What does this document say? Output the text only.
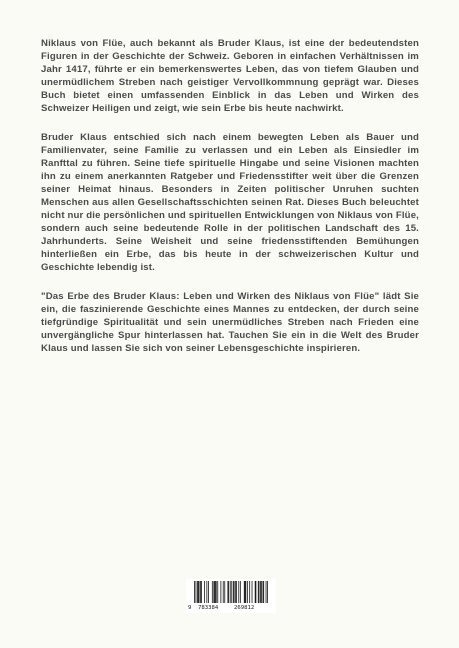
Niklaus von Flüe, auch bekannt als Bruder Klaus, ist eine der bedeutendsten Figuren in der Geschichte der Schweiz. Geboren in einfachen Verhältnissen im Jahr 1417, führte er ein bemerkenswertes Leben, das von tiefem Glauben und unermüdlichem Streben nach geistiger Vervollkommnung geprägt war. Dieses Buch bietet einen umfassenden Einblick in das Leben und Wirken des Schweizer Heiligen und zeigt, wie sein Erbe bis heute nachwirkt.

Bruder Klaus entschied sich nach einem bewegten Leben als Bauer und Familienvater, seine Familie zu verlassen und ein Leben als Einsiedler im Ranfttal zu führen. Seine tiefe spirituelle Hingabe und seine Visionen machten ihn zu einem anerkannten Ratgeber und Friedensstifter weit über die Grenzen seiner Heimat hinaus. Besonders in Zeiten politischer Unruhen suchten Menschen aus allen Gesellschaftsschichten seinen Rat. Dieses Buch beleuchtet nicht nur die persönlichen und spirituellen Entwicklungen von Niklaus von Flüe, sondern auch seine bedeutende Rolle in der politischen Landschaft des 15. Jahrhunderts. Seine Weisheit und seine friedensstiftenden Bemühungen hinterließen ein Erbe, das bis heute in der schweizerischen Kultur und Geschichte lebendig ist.

"Das Erbe des Bruder Klaus: Leben und Wirken des Niklaus von Flüe" lädt Sie ein, die faszinierende Geschichte eines Mannes zu entdecken, der durch seine tiefgründige Spiritualität und sein unermüdliches Streben nach Frieden eine unvergängliche Spur hinterlassen hat. Tauchen Sie ein in die Welt des Bruder Klaus und lassen Sie sich von seiner Lebensgeschichte inspirieren.

9 783384	269812
